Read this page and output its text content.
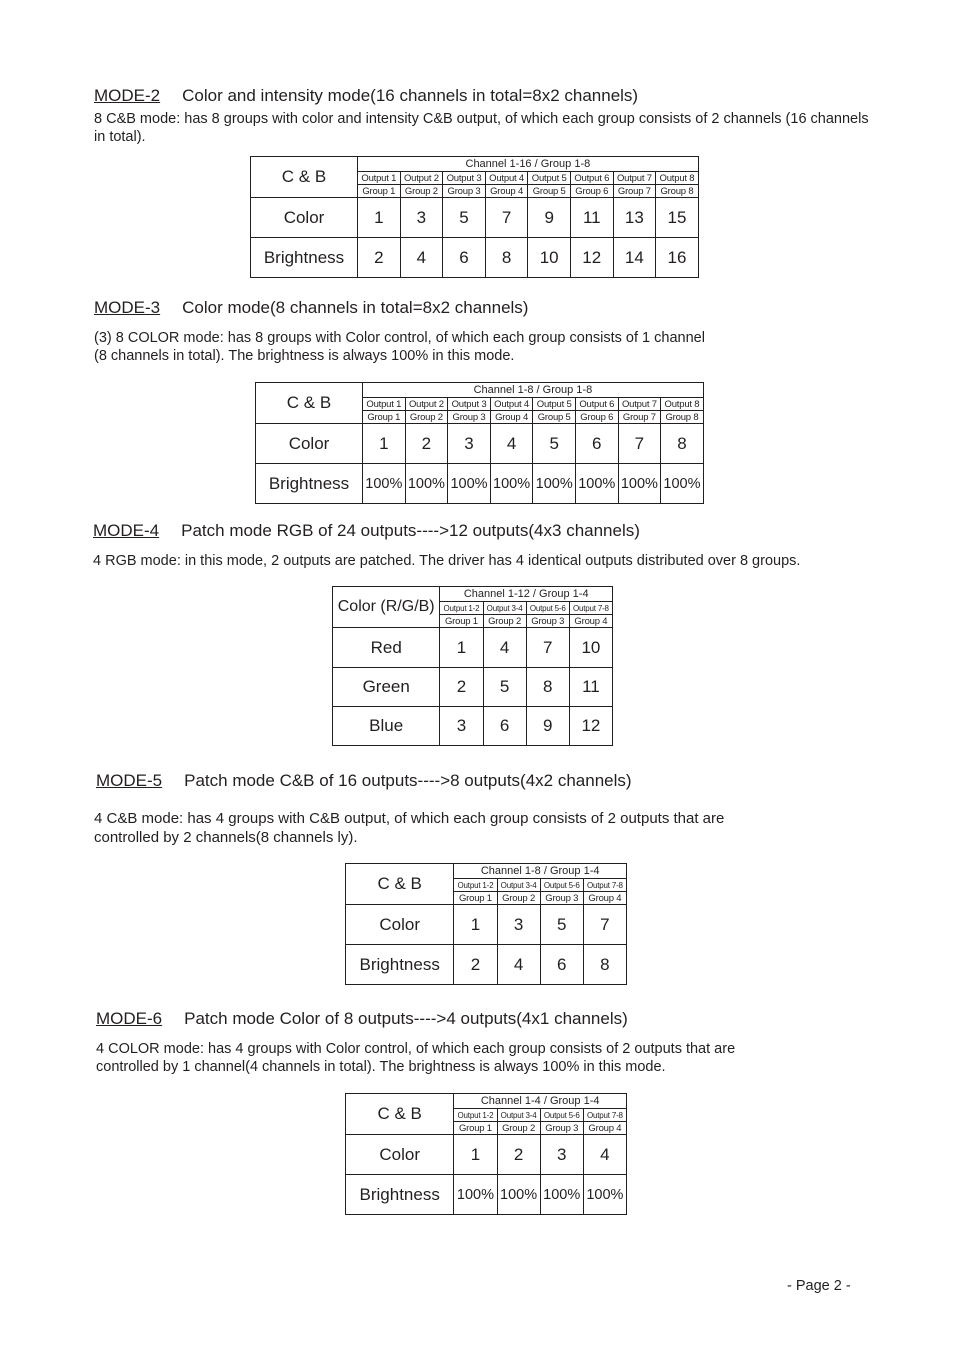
MODE-2 Color and intensity mode(16 channels in total=8x2 channels)
8 C&B mode: has 8 groups with color and intensity C&B output, of which each group consists of 2 channels (16 channels in total).
C & B	Channel 1-16 / Group 1-8							
	Output 1	Output 2	Output 3	Output 4	Output 5	Output 6	Output 7	Output 8
	Group 1	Group 2	Group 3	Group 4	Group 5	Group 6	Group 7	Group 8
Color	1	3	5	7	9	11	13	15
Brightness	2	4	6	8	10	12	14	16
MODE-3 Color mode(8 channels in total=8x2 channels)
(3) 8 COLOR mode: has 8 groups with Color control, of which each group consists of 1 channel
(8 channels in total). The brightness is always 100% in this mode.
C & B	Channel 1-8 / Group 1-8							
	Output 1	Output 2	Output 3	Output 4	Output 5	Output 6	Output 7	Output 8
	Group 1	Group 2	Group 3	Group 4	Group 5	Group 6	Group 7	Group 8
Color	1	2	3	4	5	6	7	8
Brightness	100%	100%	100%	100%	100%	100%	100%	100%
MODE-4 Patch mode RGB of 24 outputs---->12 outputs(4x3 channels)
4 RGB mode: in this mode, 2 outputs are patched. The driver has 4 identical outputs distributed over 8 groups.
Color (R/G/B)	Channel 1-12 / Group 1-4			
	Output 1-2	Output 3-4	Output 5-6	Output 7-8
	Group 1	Group 2	Group 3	Group 4
Red	1	4	7	10
Green	2	5	8	11
Blue	3	6	9	12
MODE-5 Patch mode C&B of 16 outputs---->8 outputs(4x2 channels)
4 C&B mode: has 4 groups with C&B output, of which each group consists of 2 outputs that are
controlled by 2 channels(8 channels ly).
C & B	Channel 1-8 / Group 1-4			
	Output 1-2	Output 3-4	Output 5-6	Output 7-8
	Group 1	Group 2	Group 3	Group 4
Color	1	3	5	7
Brightness	2	4	6	8
MODE-6 Patch mode Color of 8 outputs---->4 outputs(4x1 channels)
4 COLOR mode: has 4 groups with Color control, of which each group consists of 2 outputs that are
controlled by 1 channel(4 channels in total). The brightness is always 100% in this mode.
C & B	Channel 1-4 / Group 1-4			
	Output 1-2	Output 3-4	Output 5-6	Output 7-8
	Group 1	Group 2	Group 3	Group 4
Color	1	2	3	4
Brightness	100%	100%	100%	100%
- Page 2 -
